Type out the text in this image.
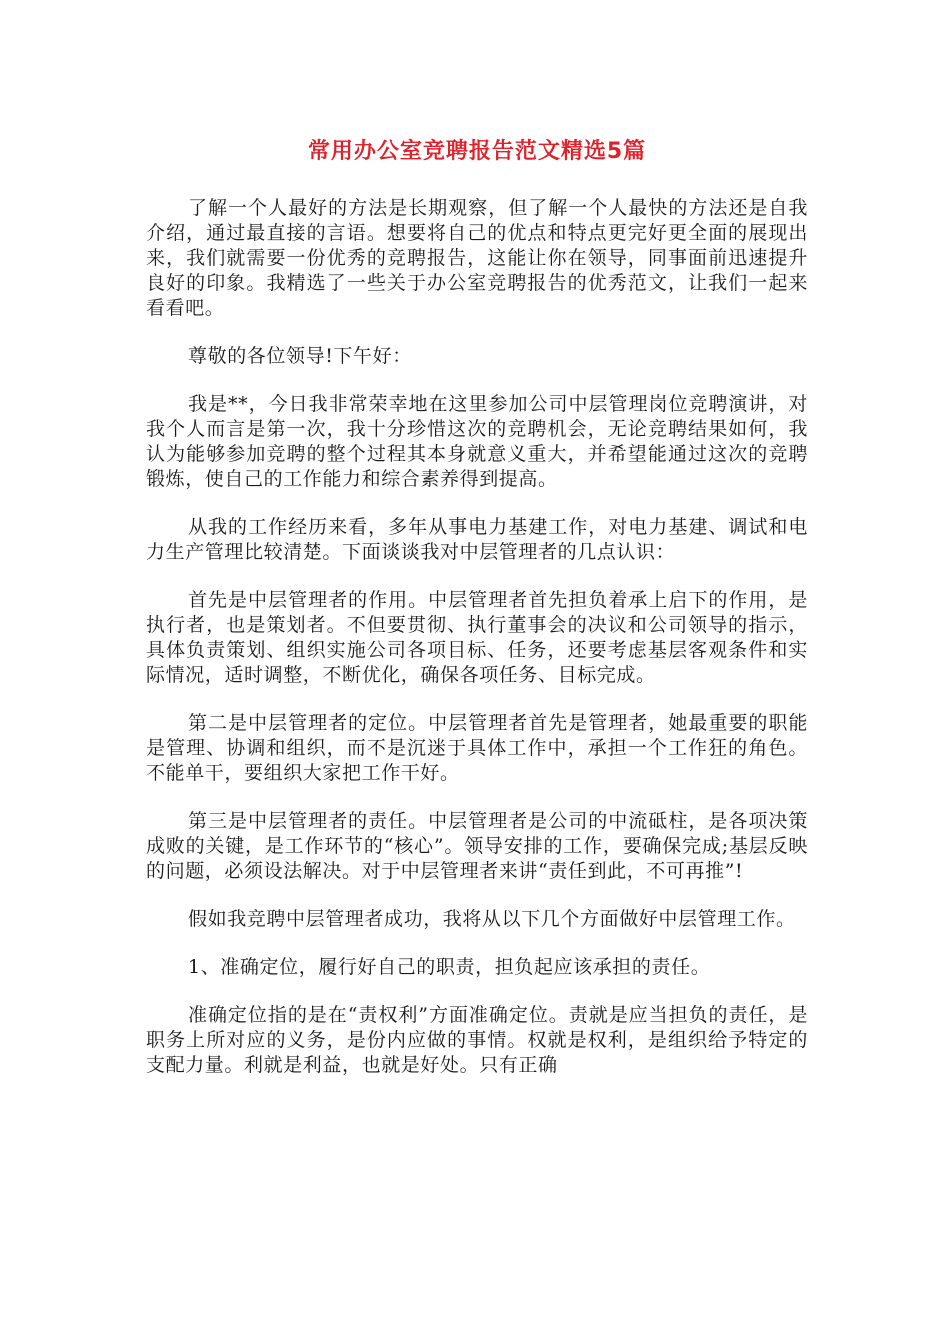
常用办公室竞聘报告范文精选5篇

了解一个人最好的方法是长期观察，但了解一个人最快的方法还是自我介绍，通过最直接的言语。想要将自己的优点和特点更完好更全面的展现出来，我们就需要一份优秀的竞聘报告，这能让你在领导，同事面前迅速提升良好的印象。我精选了一些关于办公室竞聘报告的优秀范文，让我们一起来看看吧。

尊敬的各位领导!下午好：

我是**，今日我非常荣幸地在这里参加公司中层管理岗位竞聘演讲，对我个人而言是第一次，我十分珍惜这次的竞聘机会，无论竞聘结果如何，我认为能够参加竞聘的整个过程其本身就意义重大，并希望能通过这次的竞聘锻炼，使自己的工作能力和综合素养得到提高。

从我的工作经历来看，多年从事电力基建工作，对电力基建、调试和电力生产管理比较清楚。下面谈谈我对中层管理者的几点认识：

首先是中层管理者的作用。中层管理者首先担负着承上启下的作用，是执行者，也是策划者。不但要贯彻、执行董事会的决议和公司领导的指示，具体负责策划、组织实施公司各项目标、任务，还要考虑基层客观条件和实际情况，适时调整，不断优化，确保各项任务、目标完成。

第二是中层管理者的定位。中层管理者首先是管理者，她最重要的职能是管理、协调和组织，而不是沉迷于具体工作中，承担一个工作狂的角色。不能单干，要组织大家把工作干好。

第三是中层管理者的责任。中层管理者是公司的中流砥柱，是各项决策成败的关键，是工作环节的“核心”。领导安排的工作，要确保完成;基层反映的问题，必须设法解决。对于中层管理者来讲“责任到此，不可再推”!

假如我竞聘中层管理者成功，我将从以下几个方面做好中层管理工作。

1、准确定位，履行好自己的职责，担负起应该承担的责任。

准确定位指的是在“责权利”方面准确定位。责就是应当担负的责任，是职务上所对应的义务，是份内应做的事情。权就是权利，是组织给予特定的支配力量。利就是利益，也就是好处。只有正确
